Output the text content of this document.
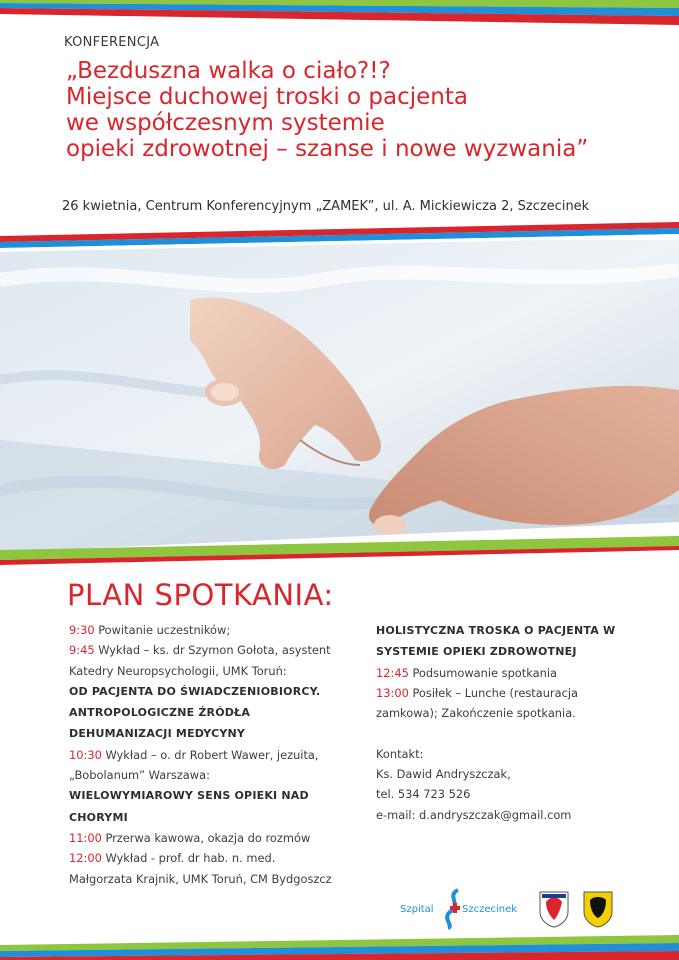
KONFERENCJA
„Bezduszna walka o ciało?!?
Miejsce duchowej troski o pacjenta
we współczesnym systemie
opieki zdrowotnej – szanse i nowe wyzwania”
26 kwietnia, Centrum Konferencyjnym „ZAMEK”, ul. A. Mickiewicza 2, Szczecinek
PLAN SPOTKANIA:
9:30 Powitanie uczestników;
9:45 Wykład – ks. dr Szymon Gołota, asystent
Katedry Neuropsychologii, UMK Toruń:
OD PACJENTA DO ŚWIADCZENIOBIORCY.
ANTROPOLOGICZNE ŹRÓDŁA
DEHUMANIZACJI MEDYCYNY
10:30 Wykład – o. dr Robert Wawer, jezuita,
„Bobolanum” Warszawa:
WIELOWYMIAROWY SENS OPIEKI NAD
CHORYMI
11:00 Przerwa kawowa, okazja do rozmów
12:00 Wykład - prof. dr hab. n. med.
Małgorzata Krajnik, UMK Toruń, CM Bydgoszcz
HOLISTYCZNA TROSKA O PACJENTA W
SYSTEMIE OPIEKI ZDROWOTNEJ
12:45 Podsumowanie spotkania
13:00 Posiłek – Lunche (restauracja
zamkowa); Zakończenie spotkania.

Kontakt:
Ks. Dawid Andryszczak,
tel. 534 723 526
e-mail: d.andryszczak@gmail.com
Szpital	Szczecinek
